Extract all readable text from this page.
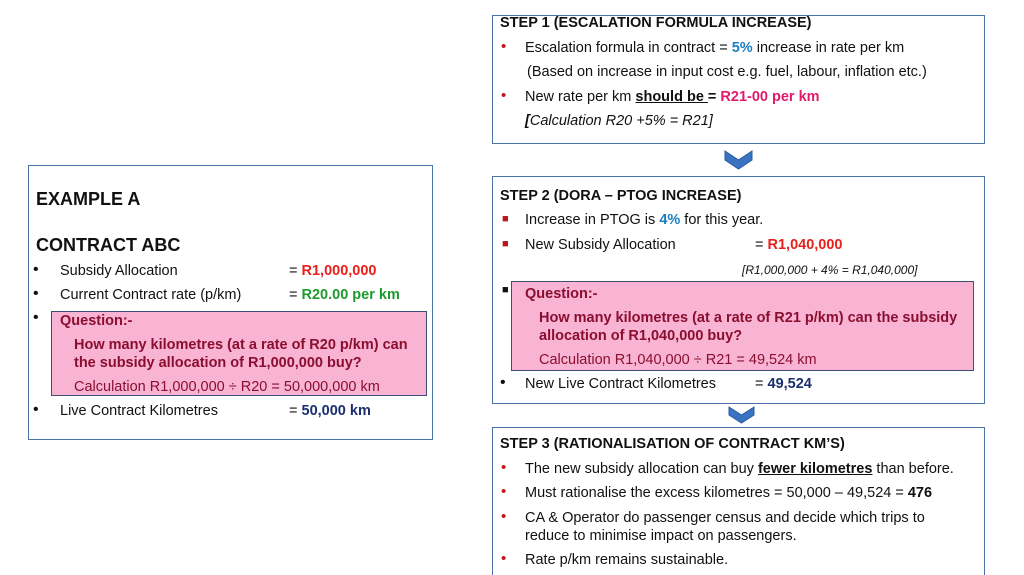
EXAMPLE A
CONTRACT ABC
• Subsidy Allocation	= R1,000,000
• Current Contract rate (p/km)	= R20.00 per km
• Question:-
How many kilometres (at a rate of R20 p/km) can
the subsidy allocation of R1,000,000 buy?
Calculation R1,000,000 ÷ R20 = 50,000,000 km
• Live Contract Kilometres	= 50,000 km
STEP 1 (ESCALATION FORMULA INCREASE)
• Escalation formula in contract = 5% increase in rate per km
(Based on increase in input cost e.g. fuel, labour, inflation etc.)
• New rate per km should be = R21-00 per km
[Calculation R20 +5% = R21]
STEP 2 (DORA – PTOG INCREASE)
■ Increase in PTOG is 4% for this year.
■ New Subsidy Allocation	= R1,040,000
[R1,000,000 + 4% = R1,040,000]
■ Question:-
How many kilometres (at a rate of R21 p/km) can the subsidy
allocation of R1,040,000 buy?
Calculation R1,040,000 ÷ R21 = 49,524 km
• New Live Contract Kilometres	= 49,524
STEP 3 (RATIONALISATION OF CONTRACT KM’S)
• The new subsidy allocation can buy fewer kilometres than before.
• Must rationalise the excess kilometres = 50,000 – 49,524 = 476
• CA & Operator do passenger census and decide which trips to
reduce to minimise impact on passengers.
• Rate p/km remains sustainable.
